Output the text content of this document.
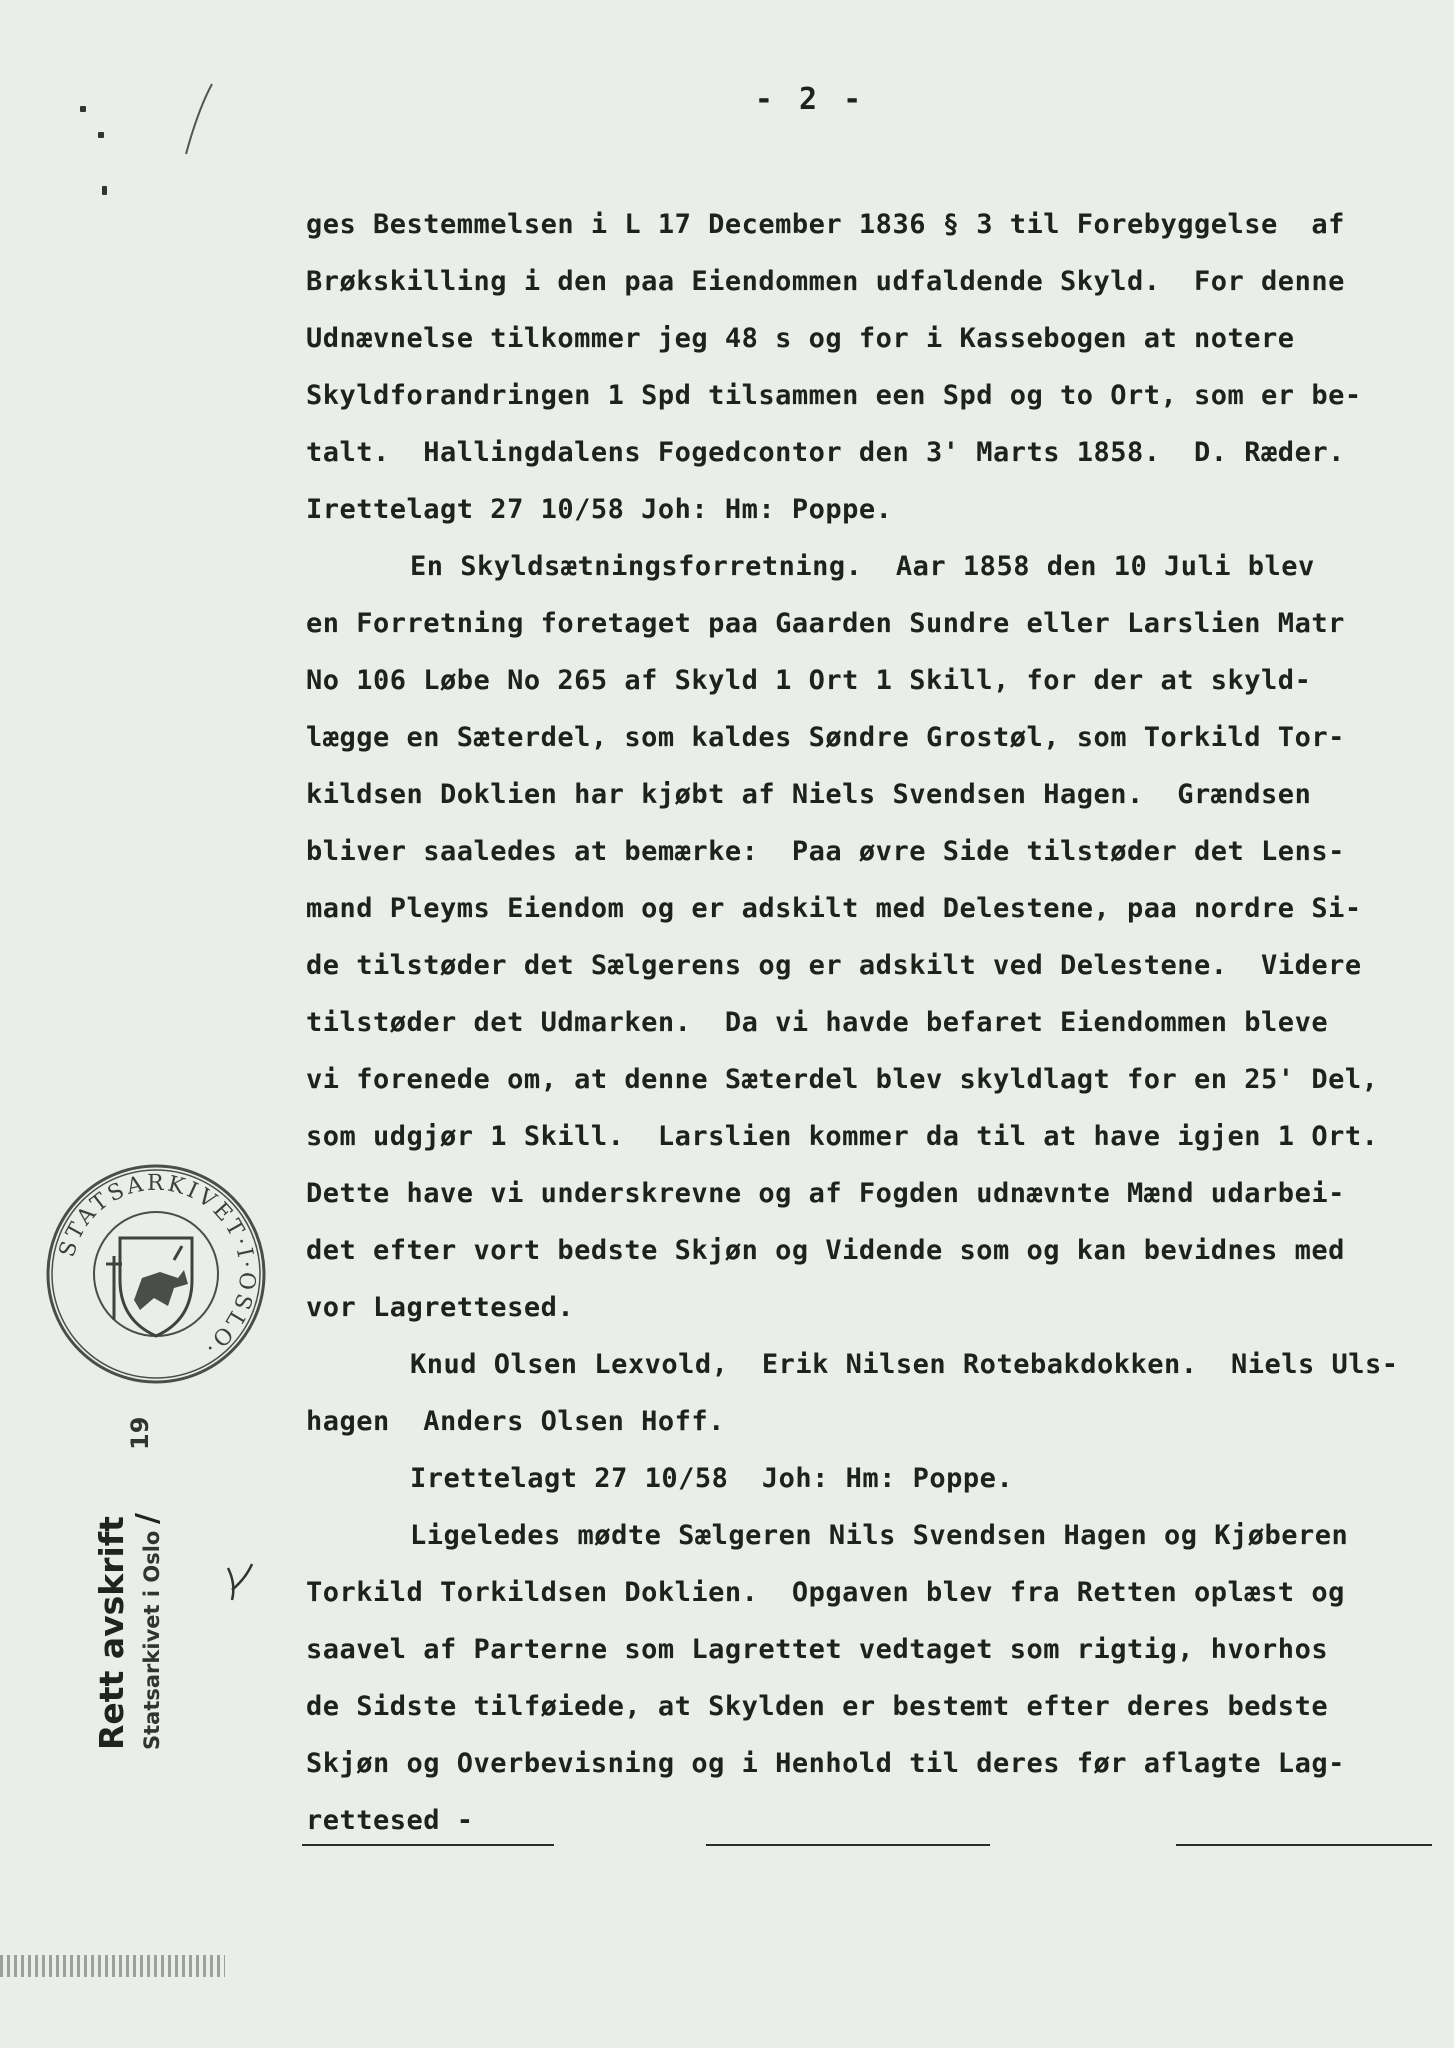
- 2 -
ges Bestemmelsen i L 17 December 1836 § 3 til Forebyggelse  af
Brøkskilling i den paa Eiendommen udfaldende Skyld.  For denne
Udnævnelse tilkommer jeg 48 s og for i Kassebogen at notere
Skyldforandringen 1 Spd tilsammen een Spd og to Ort, som er be-
talt.  Hallingdalens Fogedcontor den 3' Marts 1858.  D. Ræder.
Irettelagt 27 10/58 Joh: Hm: Poppe.
En Skyldsætningsforretning.  Aar 1858 den 10 Juli blev
en Forretning foretaget paa Gaarden Sundre eller Larslien Matr
No 106 Løbe No 265 af Skyld 1 Ort 1 Skill, for der at skyld-
lægge en Sæterdel, som kaldes Søndre Grostøl, som Torkild Tor-
kildsen Doklien har kjøbt af Niels Svendsen Hagen.  Grændsen
bliver saaledes at bemærke:  Paa øvre Side tilstøder det Lens-
mand Pleyms Eiendom og er adskilt med Delestene, paa nordre Si-
de tilstøder det Sælgerens og er adskilt ved Delestene.  Videre
tilstøder det Udmarken.  Da vi havde befaret Eiendommen bleve
vi forenede om, at denne Sæterdel blev skyldlagt for en 25' Del,
som udgjør 1 Skill.  Larslien kommer da til at have igjen 1 Ort.
Dette have vi underskrevne og af Fogden udnævnte Mænd udarbei-
det efter vort bedste Skjøn og Vidende som og kan bevidnes med
vor Lagrettesed.
Knud Olsen Lexvold,  Erik Nilsen Rotebakdokken.  Niels Uls-
hagen  Anders Olsen Hoff.
Irettelagt 27 10/58  Joh: Hm: Poppe.
Ligeledes mødte Sælgeren Nils Svendsen Hagen og Kjøberen
Torkild Torkildsen Doklien.  Opgaven blev fra Retten oplæst og
saavel af Parterne som Lagrettet vedtaget som rigtig, hvorhos
de Sidste tilføiede, at Skylden er bestemt efter deres bedste
Skjøn og Overbevisning og i Henhold til deres før aflagte Lag-
rettesed -
STATSARKIVET·I·OSLO·
Rett avskrift Statsarkivet i Oslo
/
19
